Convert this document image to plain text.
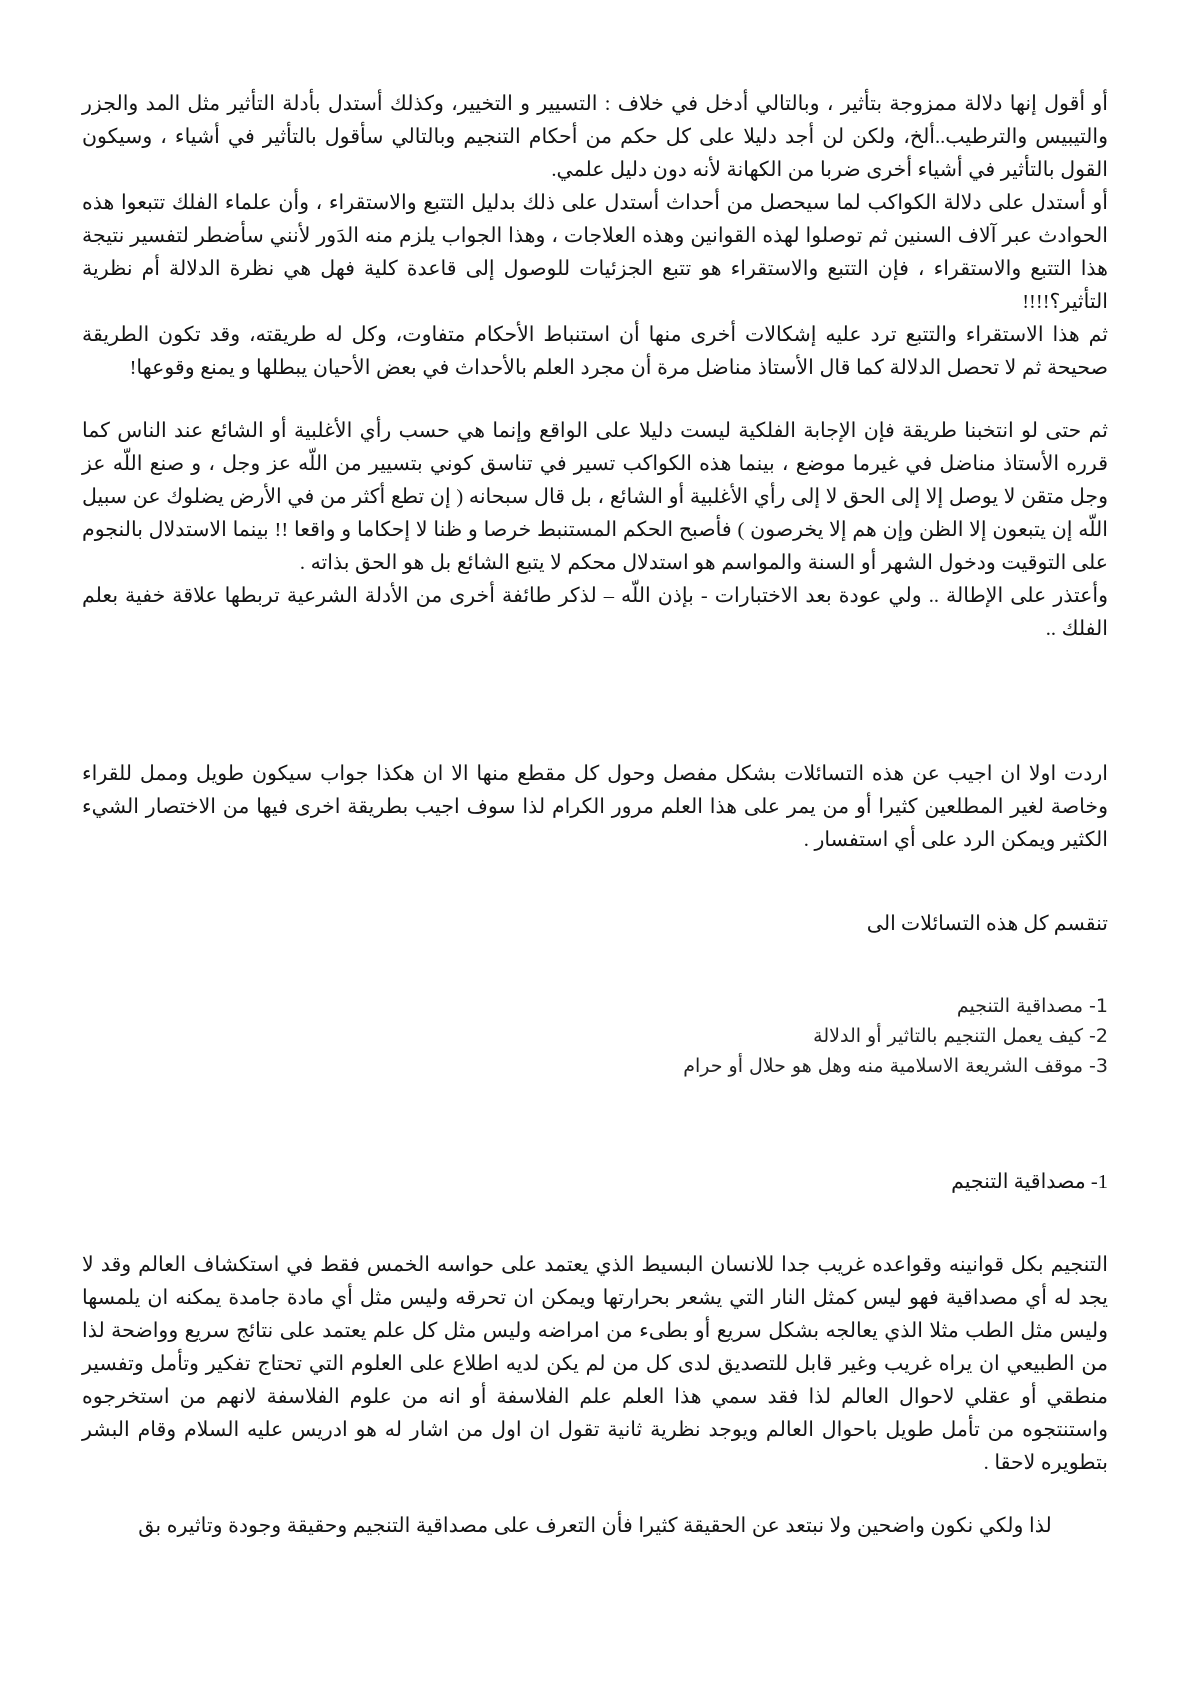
أو أقول إنها دلالة ممزوجة بتأثير ، وبالتالي أدخل في خلاف : التسيير و التخيير، وكذلك أستدل بأدلة التأثير مثل المد والجزر والتيبيس والترطيب..ألخ، ولكن لن أجد دليلا على كل حكم من أحكام التنجيم وبالتالي سأقول بالتأثير في أشياء ، وسيكون القول بالتأثير في أشياء أخرى ضربا من الكهانة لأنه دون دليل علمي.

أو أستدل على دلالة الكواكب لما سيحصل من أحداث أستدل على ذلك بدليل التتبع والاستقراء ، وأن علماء الفلك تتبعوا هذه الحوادث عبر آلاف السنين ثم توصلوا لهذه القوانين وهذه العلاجات ، وهذا الجواب يلزم منه الدَور لأنني سأضطر لتفسير نتيجة هذا التتبع والاستقراء ، فإن التتبع والاستقراء هو تتبع الجزئيات للوصول إلى قاعدة كلية فهل هي نظرة الدلالة أم نظرية التأثير؟!!!!

ثم هذا الاستقراء والتتبع ترد عليه إشكالات أخرى منها أن استنباط الأحكام متفاوت، وكل له طريقته، وقد تكون الطريقة صحيحة ثم لا تحصل الدلالة كما قال الأستاذ مناضل مرة أن مجرد العلم بالأحداث في بعض الأحيان يبطلها و يمنع وقوعها!

ثم حتى لو انتخبنا طريقة فإن الإجابة الفلكية ليست دليلا على الواقع وإنما هي حسب رأي الأغلبية أو الشائع عند الناس كما قرره الأستاذ مناضل في غيرما موضع ، بينما هذه الكواكب تسير في تناسق كوني بتسيير من اللّه عز وجل ، و صنع اللّه عز وجل متقن لا يوصل إلا إلى الحق لا إلى رأي الأغلبية أو الشائع ، بل قال سبحانه ( إن تطع أكثر من في الأرض يضلوك عن سبيل اللّه إن يتبعون إلا الظن وإن هم إلا يخرصون ) فأصبح الحكم المستنبط خرصا و ظنا لا إحكاما و واقعا !! بينما الاستدلال بالنجوم على التوقيت ودخول الشهر أو السنة والمواسم هو استدلال محكم لا يتبع الشائع بل هو الحق بذاته .

وأعتذر على الإطالة .. ولي عودة بعد الاختبارات - بإذن اللّه – لذكر طائفة أخرى من الأدلة الشرعية تربطها علاقة خفية بعلم الفلك ..

اردت اولا ان اجيب عن هذه التسائلات بشكل مفصل وحول كل مقطع منها الا ان هكذا جواب سيكون طويل وممل للقراء وخاصة لغير المطلعين كثيرا أو من يمر على هذا العلم مرور الكرام لذا سوف اجيب بطريقة اخرى فيها من الاختصار الشيء الكثير ويمكن الرد على أي استفسار .

تنقسم كل هذه التسائلات الى

1- مصداقية التنجيم
2- كيف يعمل التنجيم بالتاثير أو الدلالة
3- موقف الشريعة الاسلامية منه وهل هو حلال أو حرام

1- مصداقية التنجيم

التنجيم بكل قوانينه وقواعده غريب جدا للانسان البسيط الذي يعتمد على حواسه الخمس فقط في استكشاف العالم وقد لا يجد له أي مصداقية فهو ليس كمثل النار التي يشعر بحرارتها ويمكن ان تحرقه وليس مثل أي مادة جامدة يمكنه ان يلمسها وليس مثل الطب مثلا الذي يعالجه بشكل سريع أو بطىء من امراضه وليس مثل كل علم يعتمد على نتائج سريع وواضحة لذا من الطبيعي ان يراه غريب وغير قابل للتصديق لدى كل من لم يكن لديه اطلاع على العلوم التي تحتاج تفكير وتأمل وتفسير منطقي أو عقلي لاحوال العالم لذا فقد سمي هذا العلم علم الفلاسفة أو انه من علوم الفلاسفة لانهم من استخرجوه واستنتجوه من تأمل طويل باحوال العالم ويوجد نظرية ثانية تقول ان اول من اشار له هو ادريس عليه السلام وقام البشر بتطويره لاحقا .

لذا ولكي نكون واضحين ولا نبتعد عن الحقيقة كثيرا فأن التعرف على مصداقية التنجيم وحقيقة وجودة وتاثيره بق
